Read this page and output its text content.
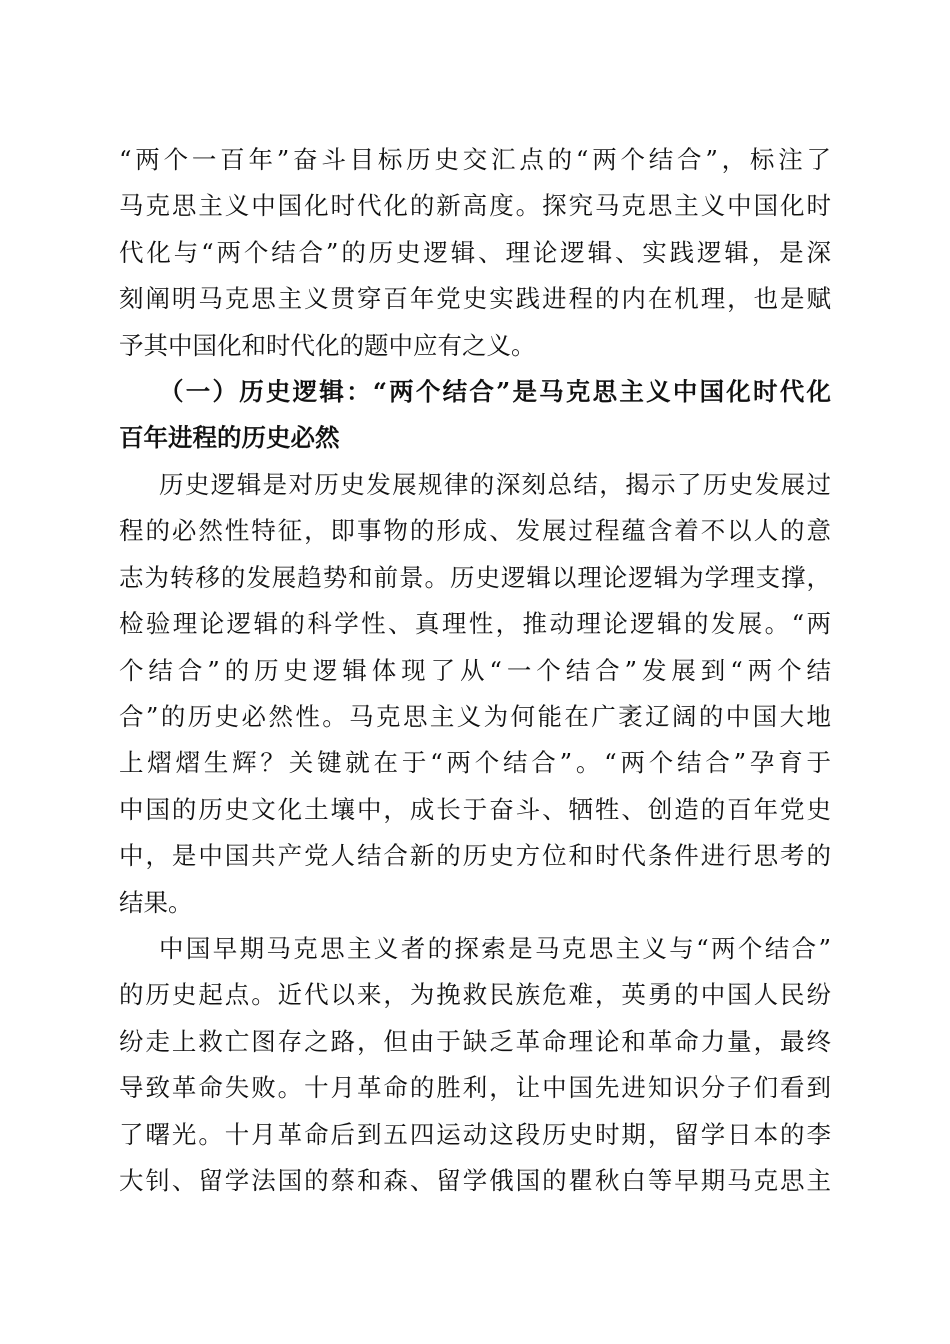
“两个一百年”奋斗目标历史交汇点的“两个结合”，标注了
马克思主义中国化时代化的新高度。探究马克思主义中国化时
代化与“两个结合”的历史逻辑、理论逻辑、实践逻辑，是深
刻阐明马克思主义贯穿百年党史实践进程的内在机理，也是赋
予其中国化和时代化的题中应有之义。
（一）历史逻辑：“两个结合”是马克思主义中国化时代化
百年进程的历史必然
历史逻辑是对历史发展规律的深刻总结，揭示了历史发展过
程的必然性特征，即事物的形成、发展过程蕴含着不以人的意
志为转移的发展趋势和前景。历史逻辑以理论逻辑为学理支撑，
检验理论逻辑的科学性、真理性，推动理论逻辑的发展。“两
个结合”的历史逻辑体现了从“一个结合”发展到“两个结
合”的历史必然性。马克思主义为何能在广袤辽阔的中国大地
上熠熠生辉？关键就在于“两个结合”。“两个结合”孕育于
中国的历史文化土壤中，成长于奋斗、牺牲、创造的百年党史
中，是中国共产党人结合新的历史方位和时代条件进行思考的
结果。
中国早期马克思主义者的探索是马克思主义与“两个结合”
的历史起点。近代以来，为挽救民族危难，英勇的中国人民纷
纷走上救亡图存之路，但由于缺乏革命理论和革命力量，最终
导致革命失败。十月革命的胜利，让中国先进知识分子们看到
了曙光。十月革命后到五四运动这段历史时期，留学日本的李
大钊、留学法国的蔡和森、留学俄国的瞿秋白等早期马克思主
